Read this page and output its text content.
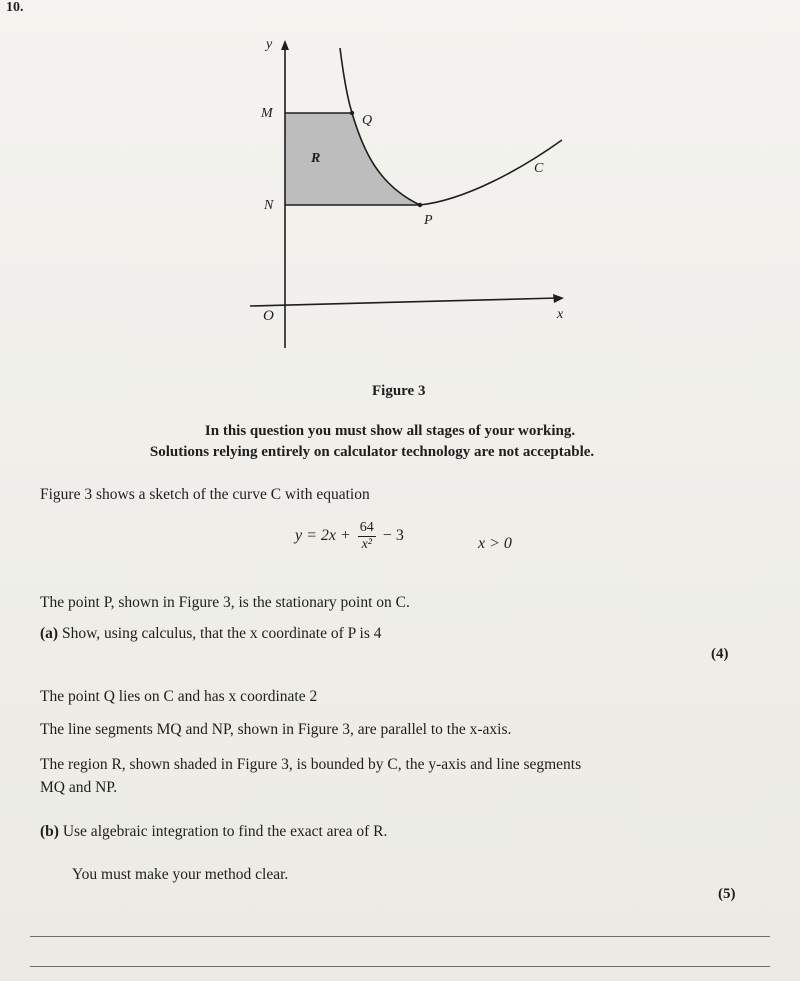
10.
y
M	Q
R
C
N
P
O	x
Figure 3
In this question you must show all stages of your working.
Solutions relying entirely on calculator technology are not acceptable.
Figure 3 shows a sketch of the curve C with equation
$y = 2x + \frac{64}{\text{x²}} - 3$	x > 0
The point P, shown in Figure 3, is the stationary point on C.
(a) Show, using calculus, that the x coordinate of P is 4
(4)
The point Q lies on C and has x coordinate 2
The line segments MQ and NP, shown in Figure 3, are parallel to the x-axis.
The region R, shown shaded in Figure 3, is bounded by C, the y-axis and line segments
MQ and NP.
(b) Use algebraic integration to find the exact area of R.
You must make your method clear.
(5)
